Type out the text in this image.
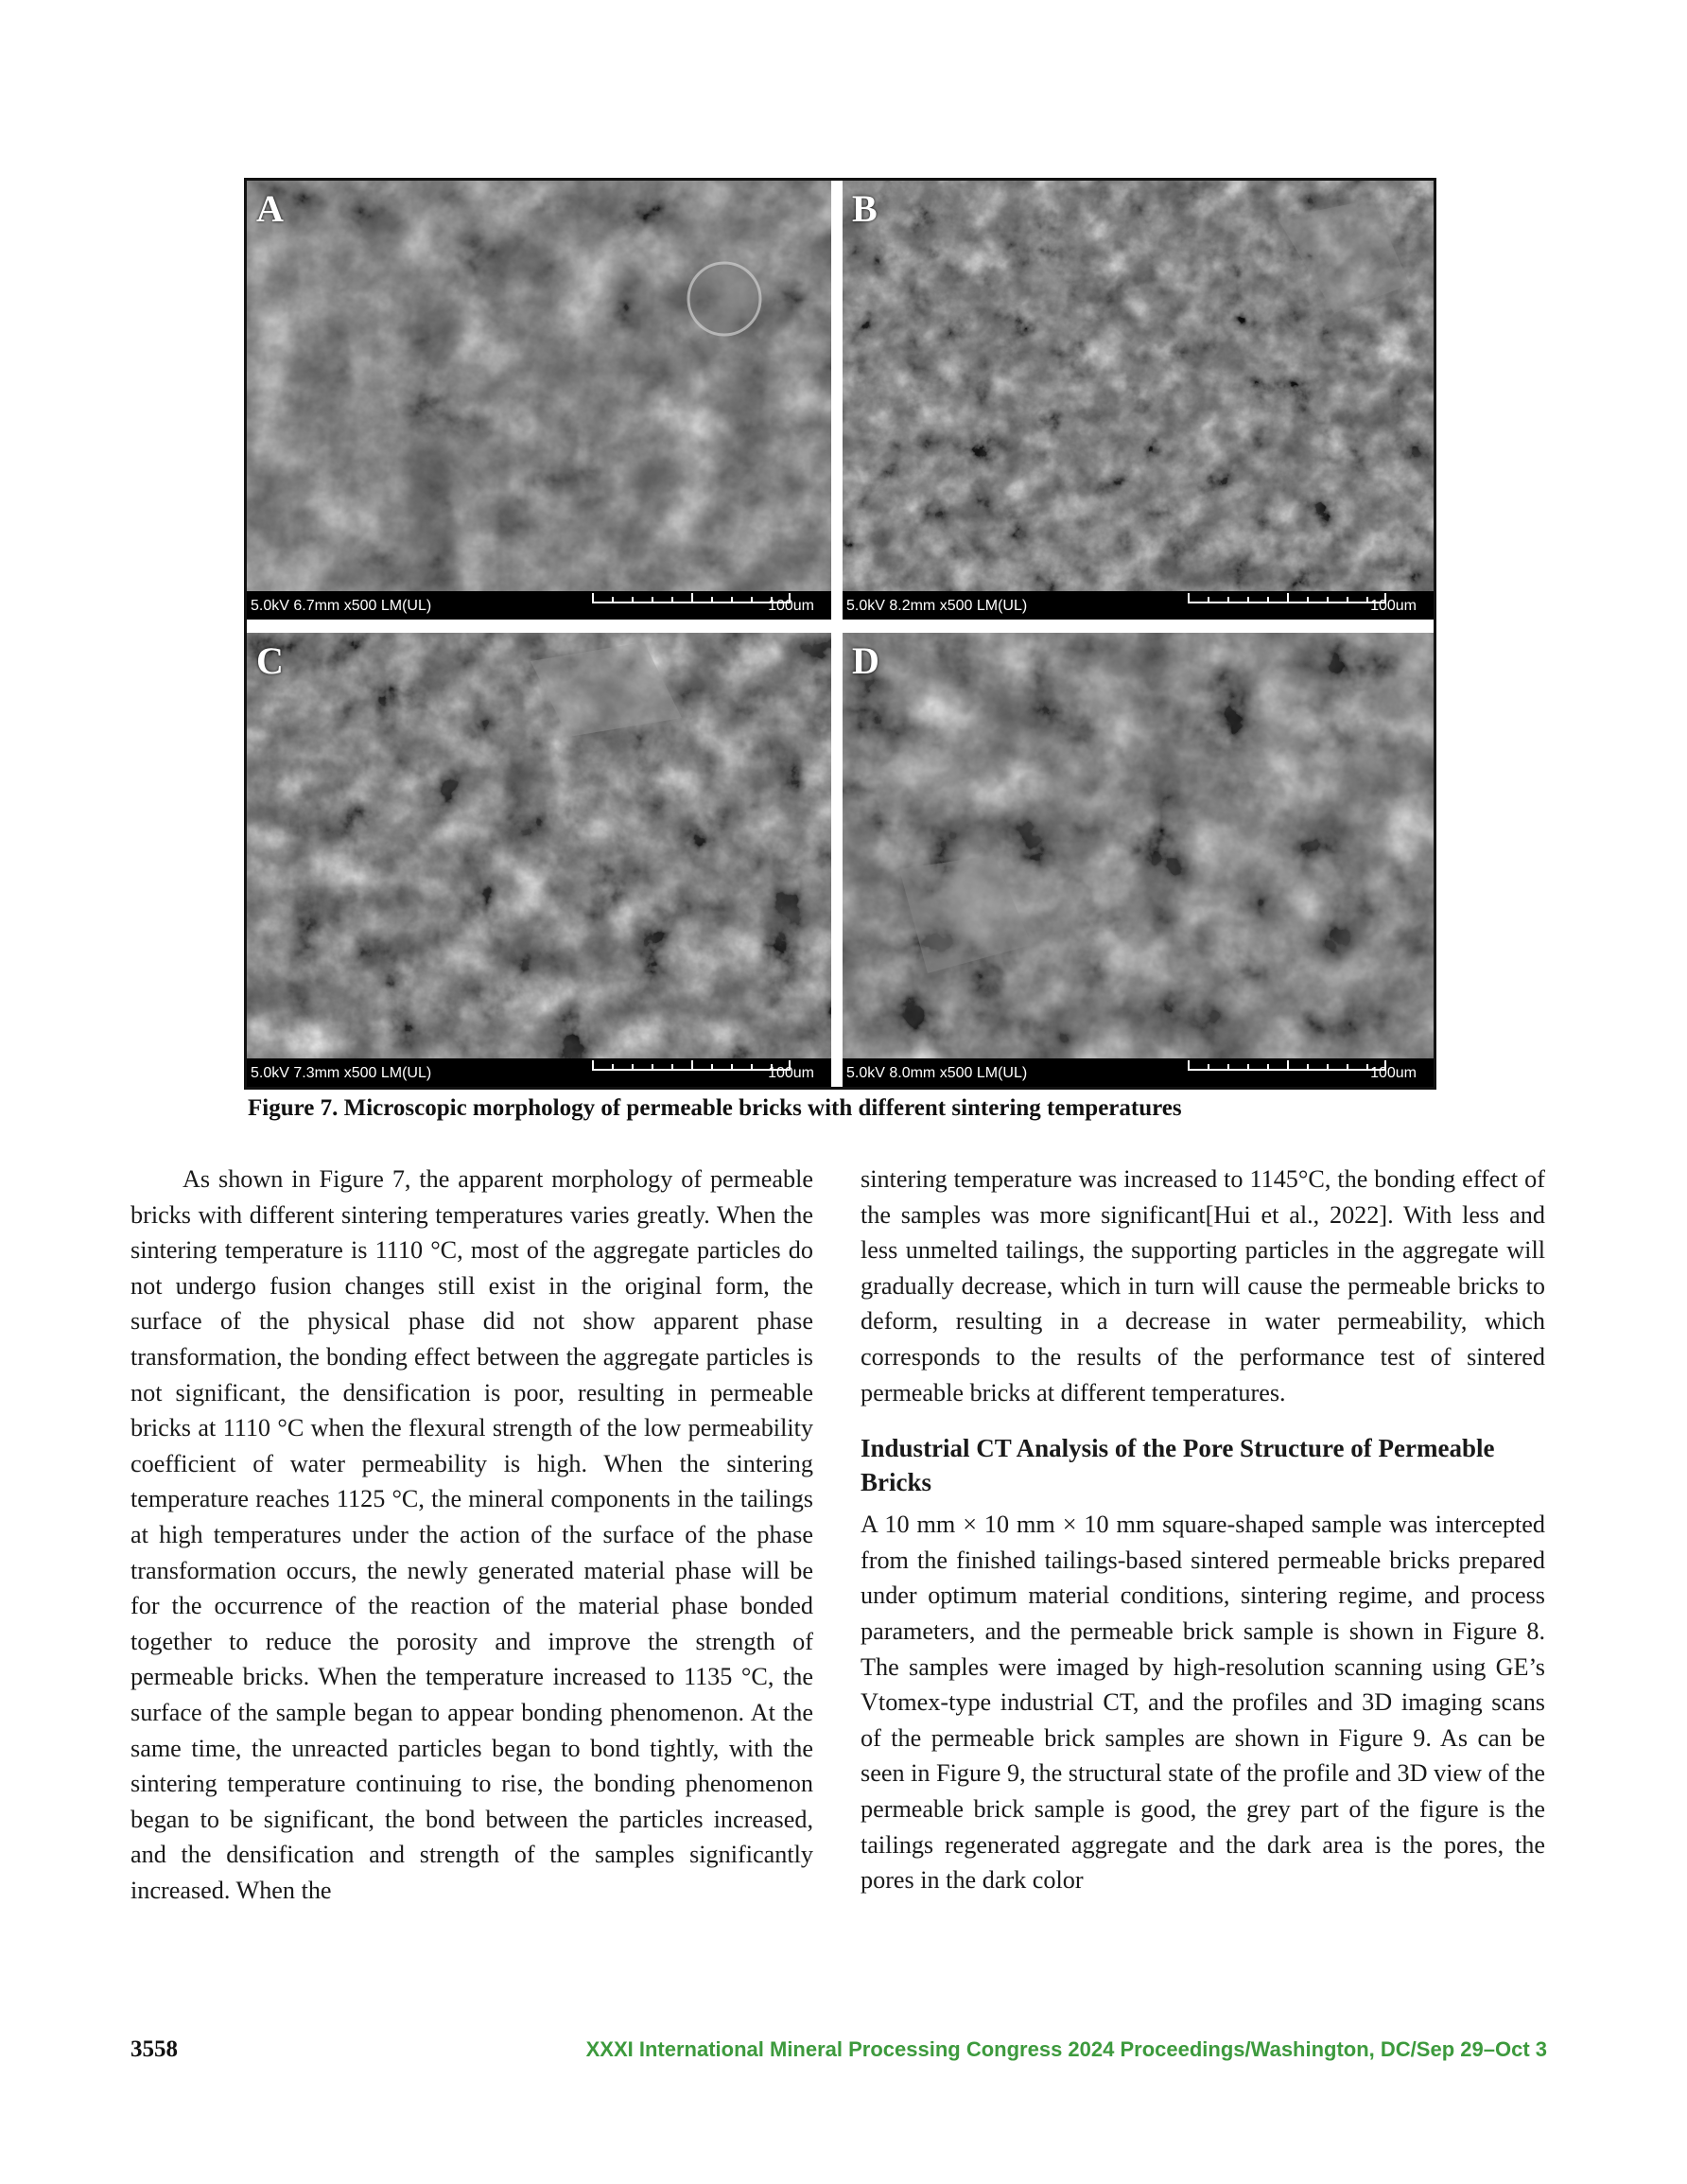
A
5.0kV 6.7mm x500 LM(UL)	100um
B
5.0kV 8.2mm x500 LM(UL)	100um
C
5.0kV 7.3mm x500 LM(UL)	100um
D
5.0kV 8.0mm x500 LM(UL)	100um
Figure 7. Microscopic morphology of permeable bricks with different sintering temperatures

As shown in Figure 7, the apparent morphology of permeable bricks with different sintering temperatures varies greatly. When the sintering temperature is 1110 °C, most of the aggregate particles do not undergo fusion changes still exist in the original form, the surface of the physical phase did not show apparent phase transformation, the bonding effect between the aggregate particles is not significant, the densification is poor, resulting in permeable bricks at 1110 °C when the flexural strength of the low permeability coefficient of water permeability is high. When the sintering temperature reaches 1125 °C, the mineral components in the tailings at high temperatures under the action of the surface of the phase transformation occurs, the newly generated material phase will be for the occurrence of the reaction of the material phase bonded together to reduce the porosity and improve the strength of permeable bricks. When the temperature increased to 1135 °C, the surface of the sample began to appear bonding phenomenon. At the same time, the unreacted particles began to bond tightly, with the sintering temperature continuing to rise, the bonding phenomenon began to be significant, the bond between the particles increased, and the densification and strength of the samples significantly increased. When the

sintering temperature was increased to 1145°C, the bonding effect of the samples was more significant[Hui et al., 2022]. With less and less unmelted tailings, the supporting particles in the aggregate will gradually decrease, which in turn will cause the permeable bricks to deform, resulting in a decrease in water permeability, which corresponds to the results of the performance test of sintered permeable bricks at different temperatures.

Industrial CT Analysis of the Pore Structure of Permeable Bricks

A 10 mm × 10 mm × 10 mm square-shaped sample was intercepted from the finished tailings-based sintered permeable bricks prepared under optimum material conditions, sintering regime, and process parameters, and the permeable brick sample is shown in Figure 8. The samples were imaged by high-resolution scanning using GE’s Vtomex-type industrial CT, and the profiles and 3D imaging scans of the permeable brick samples are shown in Figure 9. As can be seen in Figure 9, the structural state of the profile and 3D view of the permeable brick sample is good, the grey part of the figure is the tailings regenerated aggregate and the dark area is the pores, the pores in the dark color

3558	XXXI International Mineral Processing Congress 2024 Proceedings/Washington, DC/Sep 29–Oct 3
